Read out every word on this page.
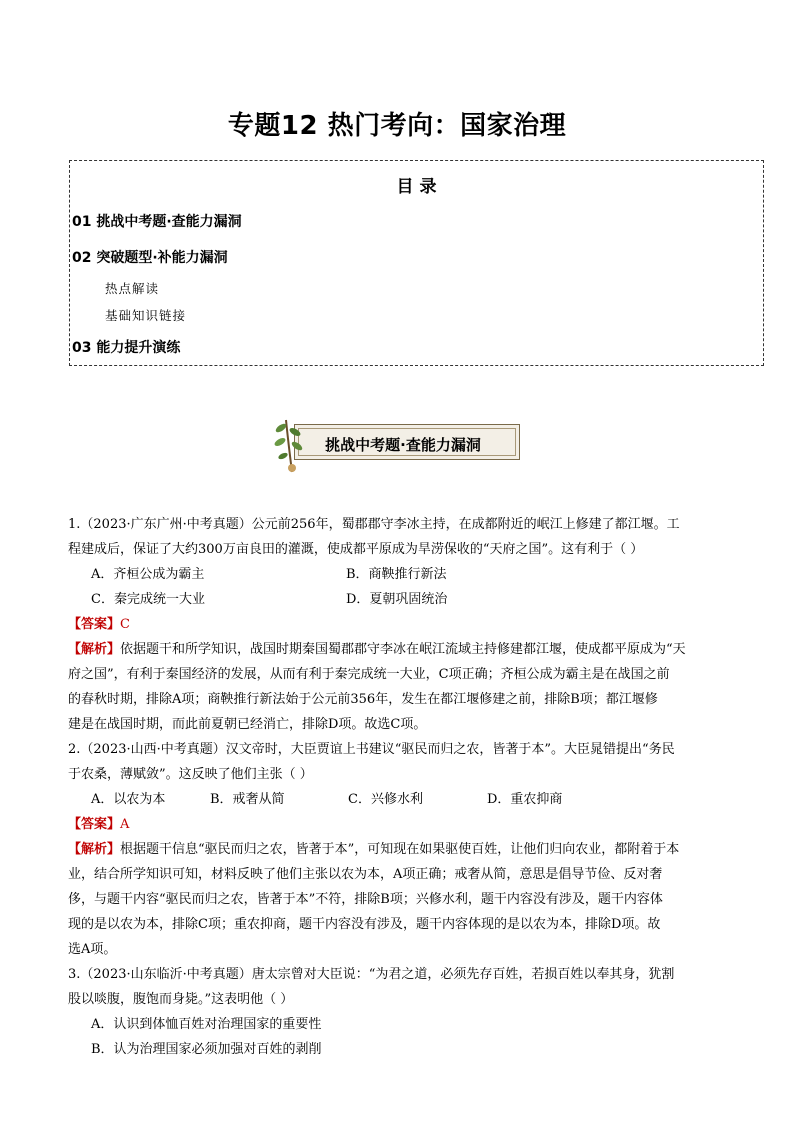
专题12 热门考向：国家治理
目 录
01 挑战中考题·查能力漏洞
02 突破题型·补能力漏洞
热点解读
基础知识链接
03 能力提升演练
挑战中考题·查能力漏洞
1.（2023·广东广州·中考真题）公元前256年，蜀郡郡守李冰主持，在成都附近的岷江上修建了都江堰。工
程建成后，保证了大约300万亩良田的灌溉，使成都平原成为旱涝保收的“天府之国”。这有利于（ ）
A．齐桓公成为霸主	B．商鞅推行新法
C．秦完成统一大业	D．夏朝巩固统治
【答案】C
【解析】依据题干和所学知识，战国时期秦国蜀郡郡守李冰在岷江流域主持修建都江堰，使成都平原成为“天
府之国”，有利于秦国经济的发展，从而有利于秦完成统一大业，C项正确；齐桓公成为霸主是在战国之前
的春秋时期，排除A项；商鞅推行新法始于公元前356年，发生在都江堰修建之前，排除B项；都江堰修
建是在战国时期，而此前夏朝已经消亡，排除D项。故选C项。
2.（2023·山西·中考真题）汉文帝时，大臣贾谊上书建议“驱民而归之农，皆著于本”。大臣晁错提出“务民
于农桑，薄赋敛”。这反映了他们主张（ ）
A．以农为本	B．戒奢从简	C．兴修水利	D．重农抑商
【答案】A
【解析】根据题干信息“驱民而归之农，皆著于本”，可知现在如果驱使百姓，让他们归向农业，都附着于本
业，结合所学知识可知，材料反映了他们主张以农为本，A项正确；戒奢从简，意思是倡导节俭、反对奢
侈，与题干内容“驱民而归之农，皆著于本”不符，排除B项；兴修水利，题干内容没有涉及，题干内容体
现的是以农为本，排除C项；重农抑商，题干内容没有涉及，题干内容体现的是以农为本，排除D项。故
选A项。
3.（2023·山东临沂·中考真题）唐太宗曾对大臣说：“为君之道，必须先存百姓，若损百姓以奉其身，犹割
股以啖腹，腹饱而身毙。”这表明他（ ）
A．认识到体恤百姓对治理国家的重要性
B．认为治理国家必须加强对百姓的剥削
